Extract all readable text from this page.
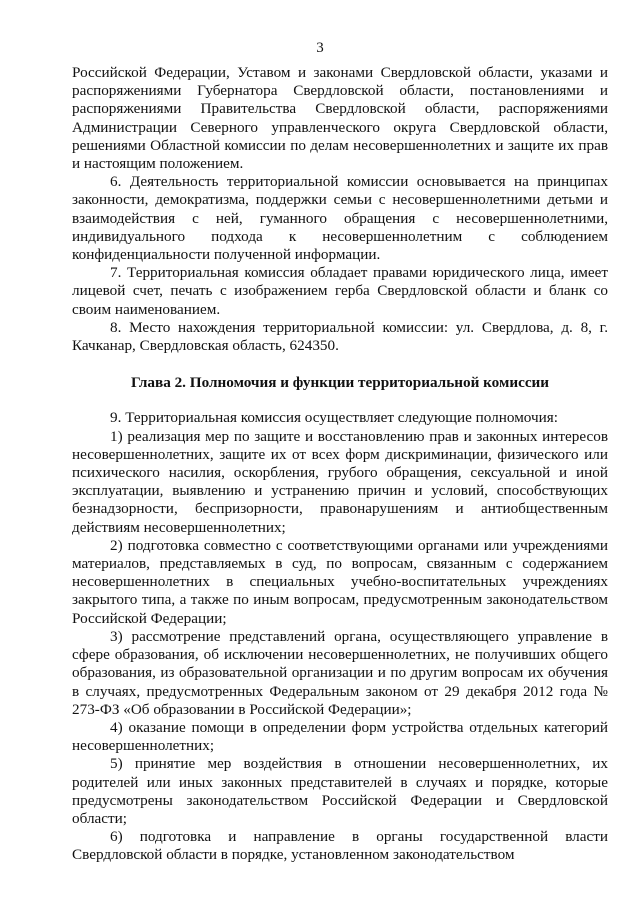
3

Российской Федерации, Уставом и законами Свердловской области, указами и распоряжениями Губернатора Свердловской области, постановлениями и распоряжениями Правительства Свердловской области, распоряжениями Администрации Северного управленческого округа Свердловской области, решениями Областной комиссии по делам несовершеннолетних и защите их прав и настоящим положением.

6. Деятельность территориальной комиссии основывается на принципах законности, демократизма, поддержки семьи с несовершеннолетними детьми и взаимодействия с ней, гуманного обращения с несовершеннолетними, индивидуального подхода к несовершеннолетним с соблюдением конфиденциальности полученной информации.

7. Территориальная комиссия обладает правами юридического лица, имеет лицевой счет, печать с изображением герба Свердловской области и бланк со своим наименованием.

8. Место нахождения территориальной комиссии: ул. Свердлова, д. 8, г. Качканар, Свердловская область, 624350.

Глава 2. Полномочия и функции территориальной комиссии

9. Территориальная комиссия осуществляет следующие полномочия:

1) реализация мер по защите и восстановлению прав и законных интересов несовершеннолетних, защите их от всех форм дискриминации, физического или психического насилия, оскорбления, грубого обращения, сексуальной и иной эксплуатации, выявлению и устранению причин и условий, способствующих безнадзорности, беспризорности, правонарушениям и антиобщественным действиям несовершеннолетних;

2) подготовка совместно с соответствующими органами или учреждениями материалов, представляемых в суд, по вопросам, связанным с содержанием несовершеннолетних в специальных учебно-воспитательных учреждениях закрытого типа, а также по иным вопросам, предусмотренным законодательством Российской Федерации;

3) рассмотрение представлений органа, осуществляющего управление в сфере образования, об исключении несовершеннолетних, не получивших общего образования, из образовательной организации и по другим вопросам их обучения в случаях, предусмотренных Федеральным законом от 29 декабря 2012 года № 273-ФЗ «Об образовании в Российской Федерации»;

4) оказание помощи в определении форм устройства отдельных категорий несовершеннолетних;

5) принятие мер воздействия в отношении несовершеннолетних, их родителей или иных законных представителей в случаях и порядке, которые предусмотрены законодательством Российской Федерации и Свердловской области;

6) подготовка и направление в органы государственной власти Свердловской области в порядке, установленном законодательством
